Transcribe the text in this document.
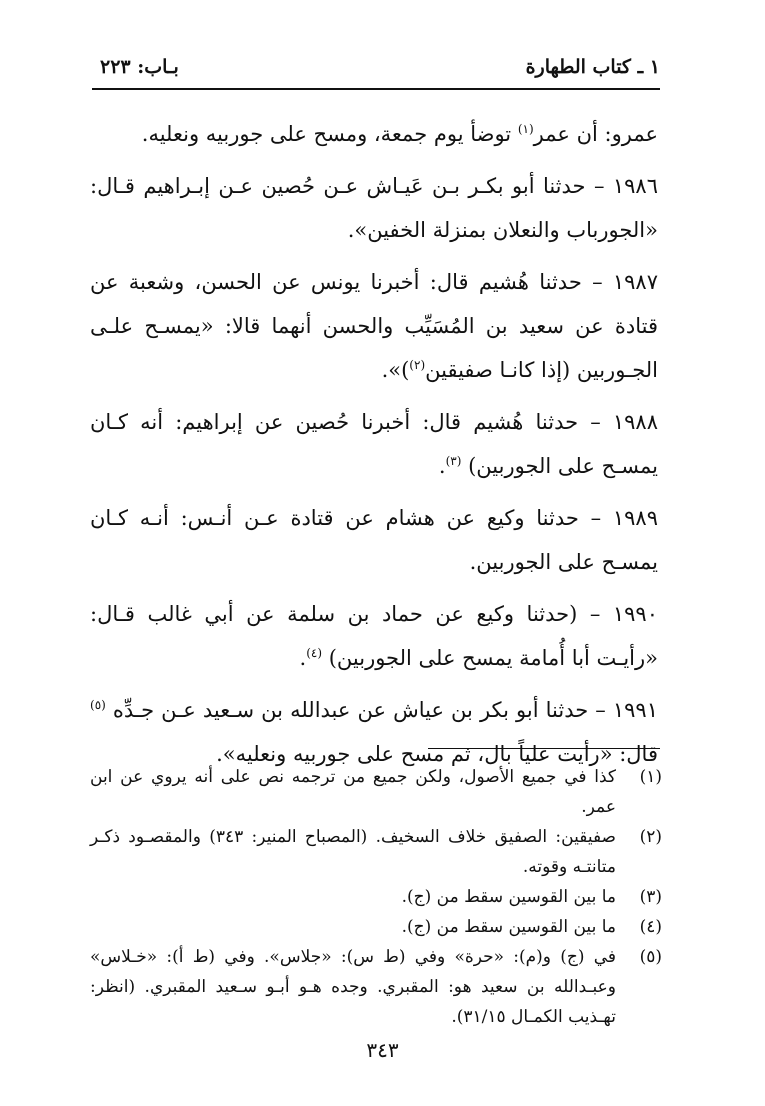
١ ـ كتاب الطهارة
بـاب: ٢٢٣

عمرو: أن عمر$^{(١)}$ توضأ يوم جمعة، ومسح على جوربيه ونعليه.

١٩٨٦ – حدثنا أبو بكـر بـن عَيـاش عـن حُصين عـن إبـراهيم قـال: «الجورباب والنعلان بمنزلة الخفين».

١٩٨٧ – حدثنا هُشيم قال: أخبرنا يونس عن الحسن، وشعبة عن قتادة عن سعيد بن المُسَيِّب والحسن أنهما قالا: «يمسـح علـى الجـوربين (إذا كانـا صفيقين$^{(٢)}$)».

١٩٨٨ – حدثنا هُشيم قال: أخبرنا حُصين عن إبراهيم: أنه كـان يمسـح على الجوربين) $^{(٣)}$.

١٩٨٩ – حدثنا وكيع عن هشام عن قتادة عـن أنـس: أنـه كـان يمسـح على الجوربين.

١٩٩٠ – (حدثنا وكيع عن حماد بن سلمة عن أبي غالب قـال: «رأيـت أبا أُمامة يمسح على الجوربين) $^{(٤)}$.

١٩٩١ – حدثنا أبو بكر بن عياش عن عبدالله بن سـعيد عـن جـدِّه $^{(٥)}$ قال: «رأيت علياً بال، ثم مسح على جوربيه ونعليه».

(١)
كذا في جميع الأصول، ولكن جميع من ترجمه نص على أنه يروي عن ابن عمر.
(٢)
صفيقين: الصفيق خلاف السخيف. (المصباح المنير: ٣٤٣) والمقصـود ذكـر متانتـه وقوته.
(٣)
ما بين القوسين سقط من (ج).
(٤)
ما بين القوسين سقط من (ج).
(٥)
في (ج) و(م): «حرة» وفي (ط س): «جلاس». وفي (ط أ): «خـلاس» وعبـدالله بن سعيد هو: المقبري. وجده هـو أبـو سـعيد المقبري. (انظر: تهـذيب الكمـال ٣١/١٥).
٣٤٣
